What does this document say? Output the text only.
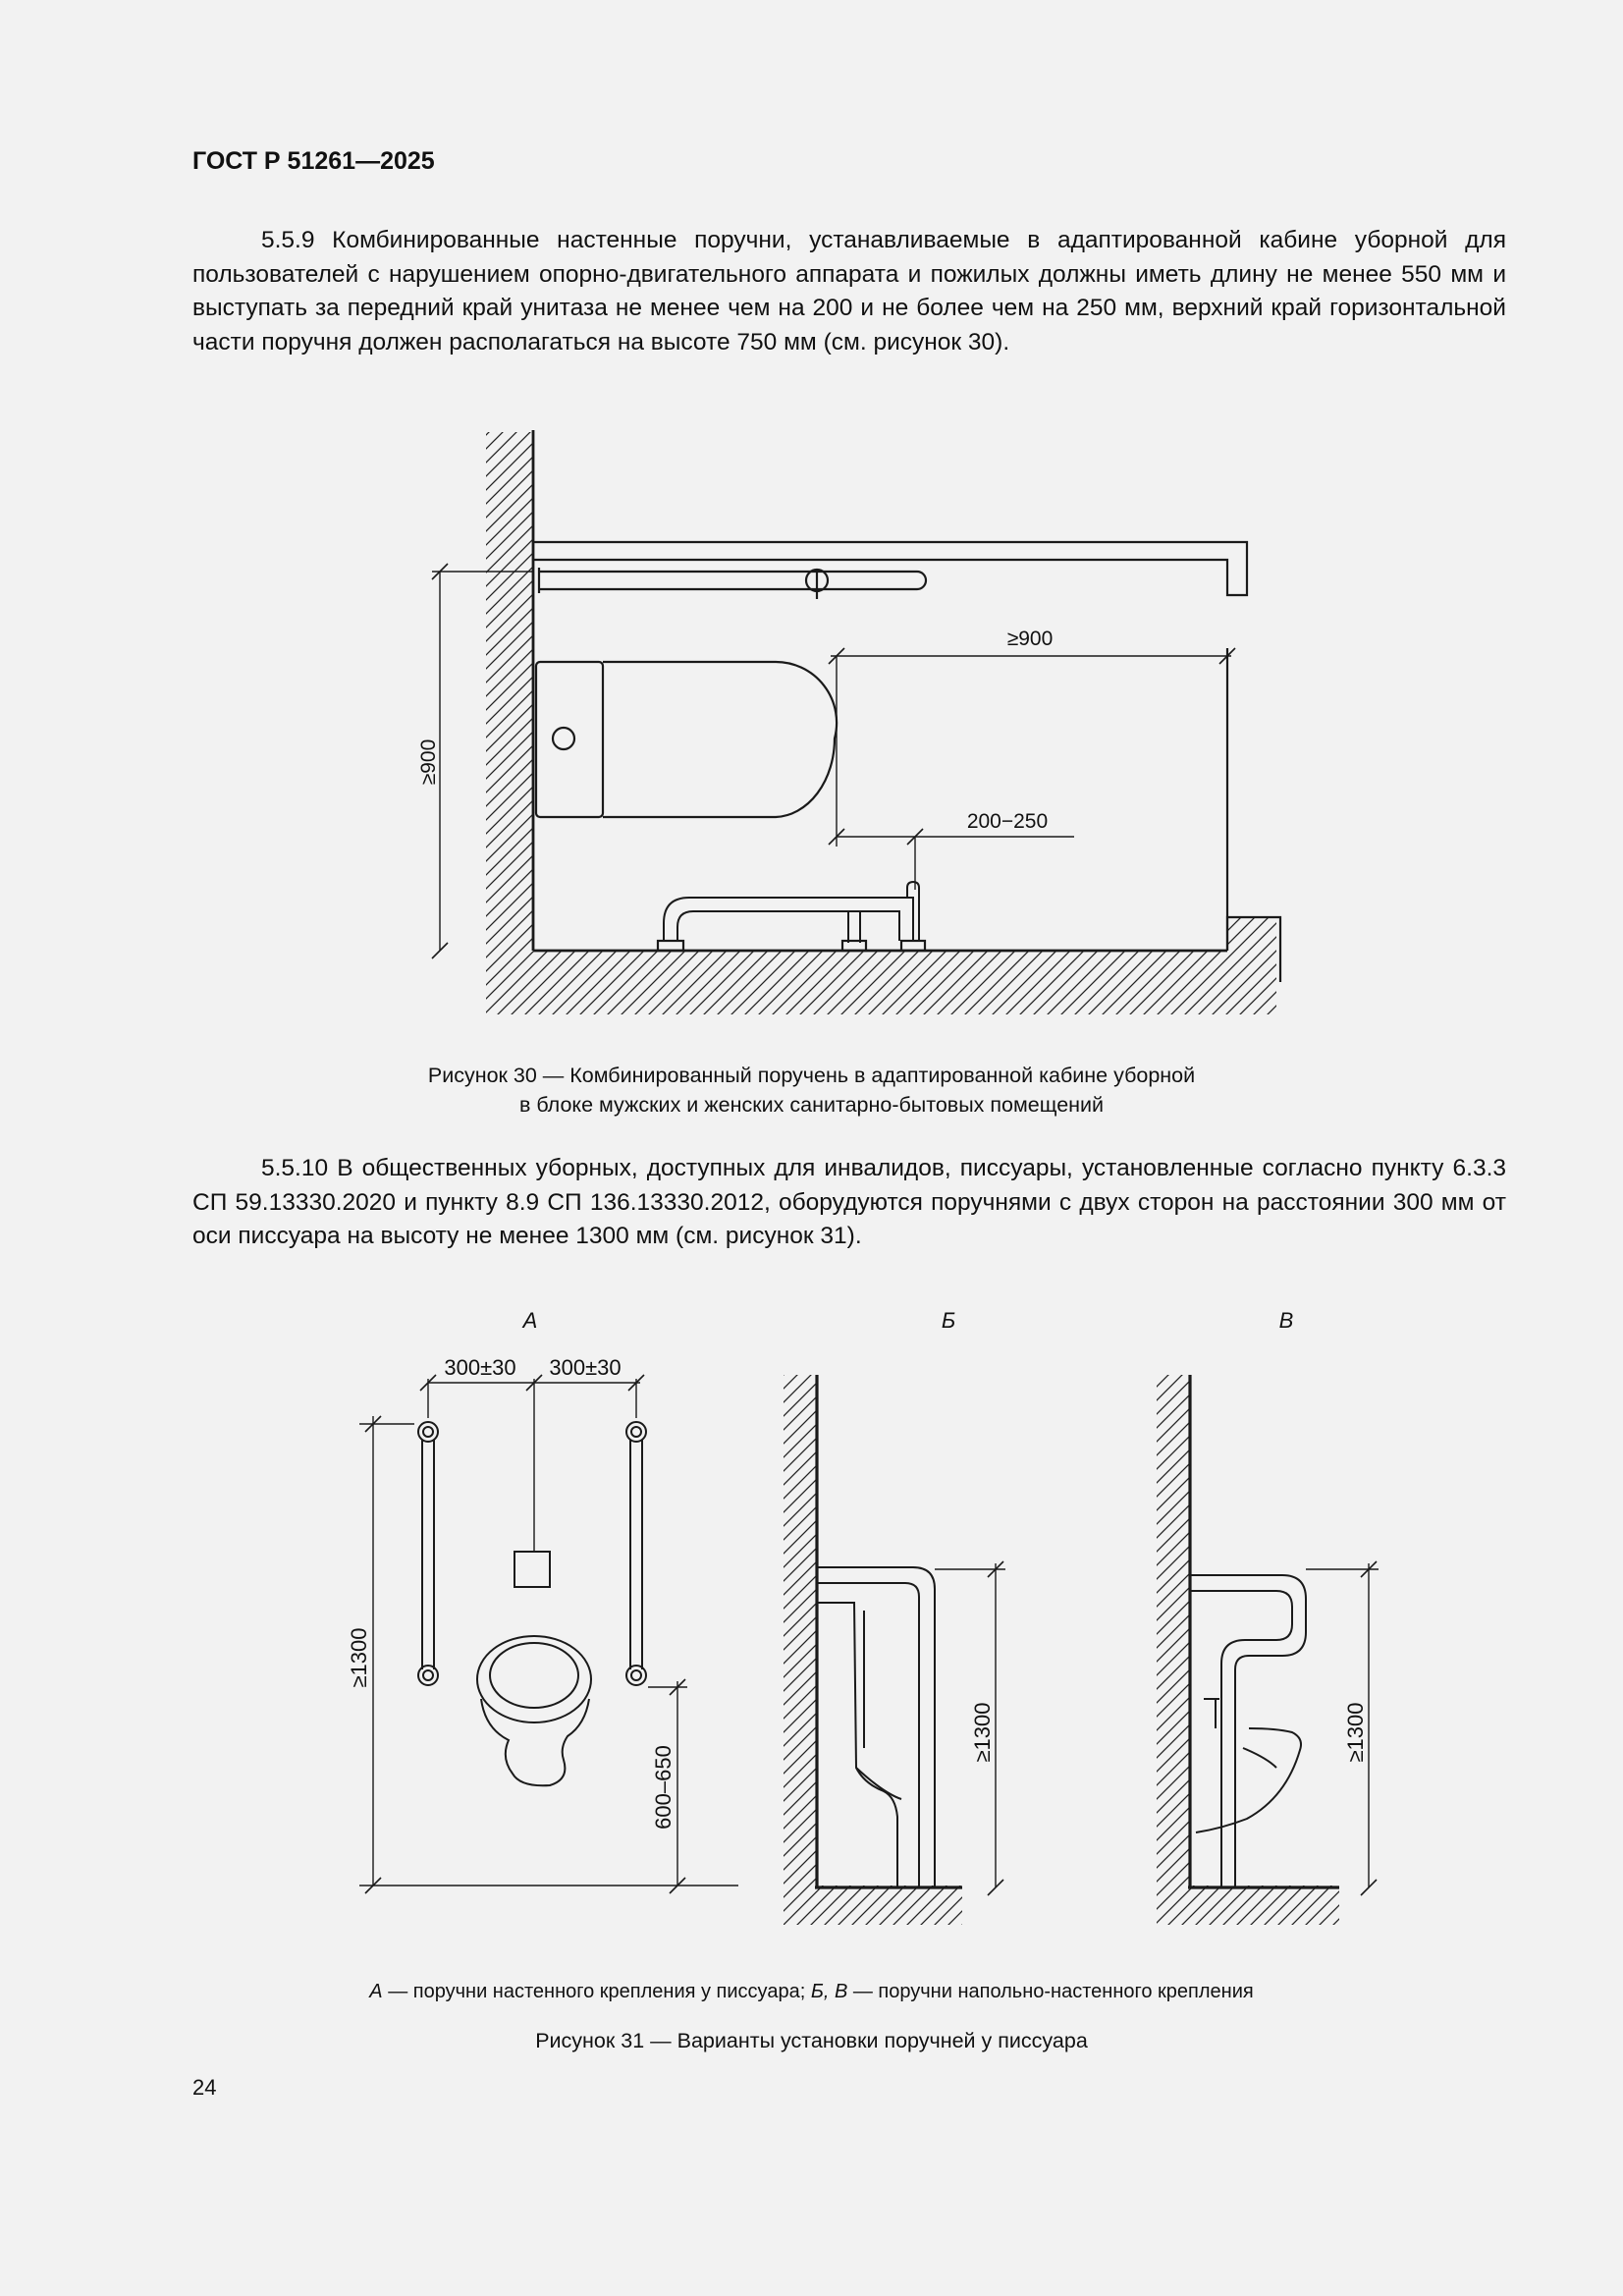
ГОСТ Р 51261—2025

5.5.9 Комбинированные настенные поручни, устанавливаемые в адаптированной кабине уборной для пользователей с нарушением опорно-двигательного аппарата и пожилых должны иметь длину не менее 550 мм и выступать за передний край унитаза не менее чем на 200 и не более чем на 250 мм, верхний край горизонтальной части поручня должен располагаться на высоте 750 мм (см. рисунок 30).

≥900
≥900
200−250
А
300±30 300±30
≥1300
600–650
Б
≥1300
В
≥1300
Рисунок 30 — Комбинированный поручень в адаптированной кабине уборной
в блоке мужских и женских санитарно-бытовых помещений

5.5.10 В общественных уборных, доступных для инвалидов, писсуары, установленные согласно пункту 6.3.3 СП 59.13330.2020 и пункту 8.9 СП 136.13330.2012, оборудуются поручнями с двух сторон на расстоянии 300 мм от оси писсуара на высоту не менее 1300 мм (см. рисунок 31).

А — поручни настенного крепления у писсуара; Б, В — поручни напольно-настенного крепления
Рисунок 31 — Варианты установки поручней у писсуара
24
